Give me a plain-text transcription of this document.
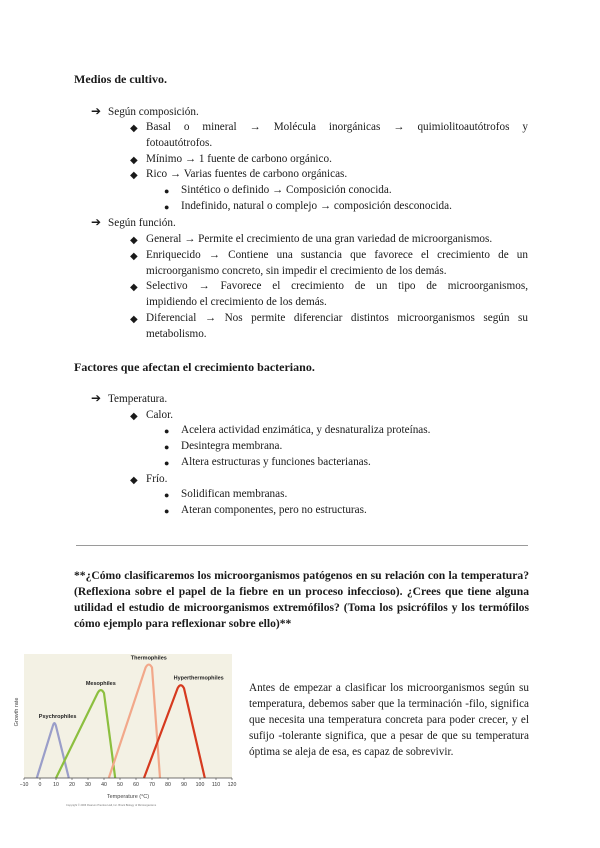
Medios de cultivo.
➔ Según composición.
◆ Basal o mineral → Molécula inorgánicas → quimiolitoautótrofos y
fotoautótrofos.
◆ Mínimo → 1 fuente de carbono orgánico.
◆ Rico → Varias fuentes de carbono orgánicas.
● Sintético o definido → Composición conocida.
● Indefinido, natural o complejo → composición desconocida.
➔ Según función.
◆ General → Permite el crecimiento de una gran variedad de microorganismos.
◆ Enriquecido → Contiene una sustancia que favorece el crecimiento de un
microorganismo concreto, sin impedir el crecimiento de los demás.
◆ Selectivo → Favorece el crecimiento de un tipo de microorganismos,
impidiendo el crecimiento de los demás.
◆ Diferencial → Nos permite diferenciar distintos microorganismos según su
metabolismo.
Factores que afectan el crecimiento bacteriano.
➔ Temperatura.
◆ Calor.
● Acelera actividad enzimática, y desnaturaliza proteínas.
● Desintegra membrana.
● Altera estructuras y funciones bacterianas.
◆ Frío.
● Solidifican membranas.
● Ateran componentes, pero no estructuras.
**¿Cómo clasificaremos los microorganismos patógenos en su relación con la temperatura? (Reflexiona sobre el papel de la fiebre en un proceso infeccioso). ¿Crees que tiene alguna utilidad el estudio de microorganismos extremófilos? (Toma los psicrófilos y los termófilos cómo ejemplo para reflexionar sobre ello)**
Growth rate	Psychrophiles
Mesophiles
Thermophiles
Hyperthermophiles
−10 0 10 20 30 40 50 60 70 80 90 100 110 120
Temperature (°C)
Copyright © 2006 Pearson Prentice Hall, Inc. Brock Biology of Microorganisms
Antes de empezar a clasificar los microorganismos según su temperatura, debemos saber que la terminación -filo, significa que necesita una temperatura concreta para poder crecer, y el sufijo -tolerante significa, que a pesar de que su temperatura óptima se aleja de esa, es capaz de sobrevivir.
